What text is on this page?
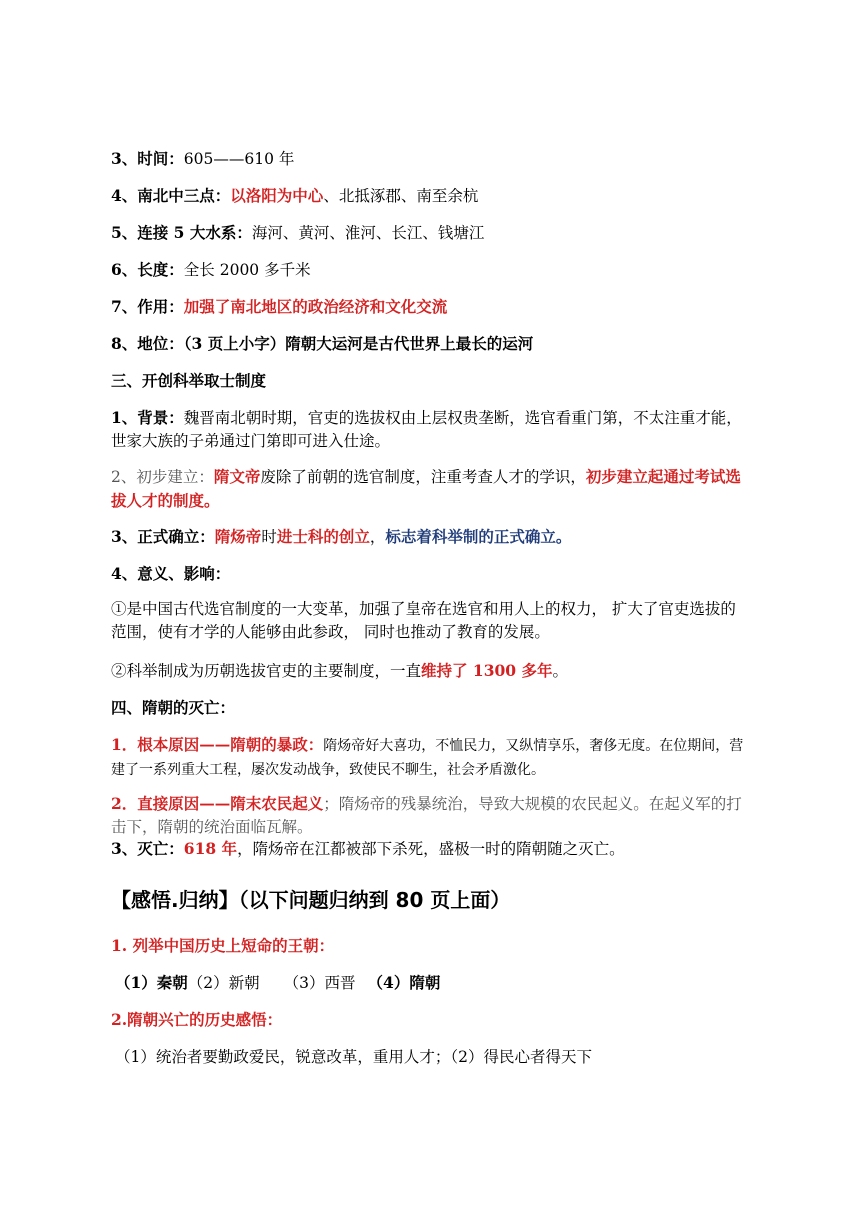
3、时间：605——610 年
4、南北中三点：以洛阳为中心、北抵涿郡、南至余杭
5、连接 5 大水系：海河、黄河、淮河、长江、钱塘江
6、长度：全长 2000 多千米
7、作用：加强了南北地区的政治经济和文化交流
8、地位：（3 页上小字）隋朝大运河是古代世界上最长的运河
三、开创科举取士制度
1、背景：魏晋南北朝时期，官吏的选拔权由上层权贵垄断，选官看重门第，不太注重才能，世家大族的子弟通过门第即可进入仕途。
2、初步建立：隋文帝废除了前朝的选官制度，注重考查人才的学识，初步建立起通过考试选拔人才的制度。
3、正式确立：隋炀帝时进士科的创立，标志着科举制的正式确立。
4、意义、影响：
①是中国古代选官制度的一大变革，加强了皇帝在选官和用人上的权力， 扩大了官吏选拔的范围，使有才学的人能够由此参政， 同时也推动了教育的发展。
②科举制成为历朝选拔官吏的主要制度，一直维持了 1300 多年。
四、隋朝的灭亡：
1．根本原因——隋朝的暴政：隋炀帝好大喜功，不恤民力，又纵情享乐，奢侈无度。在位期间，营建了一系列重大工程，屡次发动战争，致使民不聊生，社会矛盾激化。
2．直接原因——隋末农民起义；隋炀帝的残暴统治，导致大规模的农民起义。在起义军的打击下，隋朝的统治面临瓦解。
3、灭亡：618 年，隋炀帝在江都被部下杀死，盛极一时的隋朝随之灭亡。
【感悟.归纳】（以下问题归纳到 80 页上面）
1. 列举中国历史上短命的王朝：
（1）秦朝（2）新朝 （3）西晋 （4）隋朝
2.隋朝兴亡的历史感悟：
（1）统治者要勤政爱民，锐意改革，重用人才；（2）得民心者得天下
